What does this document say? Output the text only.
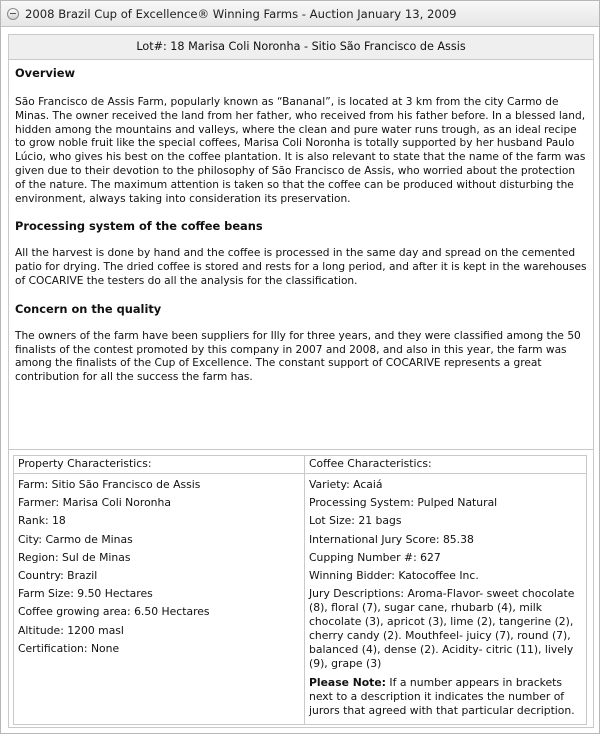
2008 Brazil Cup of Excellence® Winning Farms - Auction January 13, 2009
Lot#: 18 Marisa Coli Noronha - Sitio São Francisco de Assis
Overview

São Francisco de Assis Farm, popularly known as “Bananal”, is located at 3 km from the city Carmo de Minas. The owner received the land from her father, who received from his father before. In a blessed land, hidden among the mountains and valleys, where the clean and pure water runs trough, as an ideal recipe to grow noble fruit like the special coffees, Marisa Coli Noronha is totally supported by her husband Paulo Lúcio, who gives his best on the coffee plantation. It is also relevant to state that the name of the farm was given due to their devotion to the philosophy of São Francisco de Assis, who worried about the protection of the nature. The maximum attention is taken so that the coffee can be produced without disturbing the environment, always taking into consideration its preservation.

Processing system of the coffee beans

All the harvest is done by hand and the coffee is processed in the same day and spread on the cemented patio for drying. The dried coffee is stored and rests for a long period, and after it is kept in the warehouses of COCARIVE the testers do all the analysis for the classification.

Concern on the quality

The owners of the farm have been suppliers for Illy for three years, and they were classified among the 50 finalists of the contest promoted by this company in 2007 and 2008, and also in this year, the farm was among the finalists of the Cup of Excellence. The constant support of COCARIVE represents a great contribution for all the success the farm has.

Property Characteristics:
Farm: Sitio São Francisco de Assis
Farmer: Marisa Coli Noronha
Rank: 18
City: Carmo de Minas
Region: Sul de Minas
Country: Brazil
Farm Size: 9.50 Hectares
Coffee growing area: 6.50 Hectares
Altitude: 1200 masl
Certification: None
Coffee Characteristics:
Variety: Acaiá
Processing System: Pulped Natural
Lot Size: 21 bags
International Jury Score: 85.38
Cupping Number #: 627
Winning Bidder: Katocoffee Inc.
Jury Descriptions: Aroma-Flavor- sweet chocolate (8), floral (7), sugar cane, rhubarb (4), milk chocolate (3), apricot (3), lime (2), tangerine (2), cherry candy (2). Mouthfeel- juicy (7), round (7), balanced (4), dense (2). Acidity- citric (11), lively (9), grape (3)
Please Note: If a number appears in brackets next to a description it indicates the number of jurors that agreed with that particular decription.
